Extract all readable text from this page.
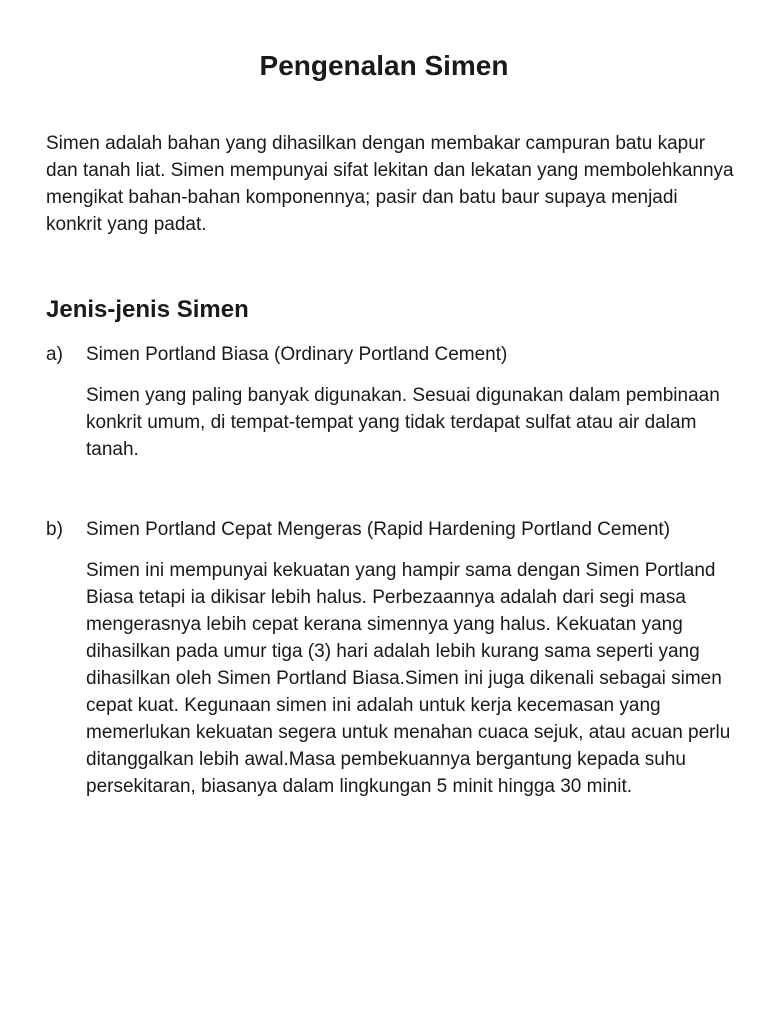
Pengenalan Simen

Simen adalah bahan yang dihasilkan dengan membakar campuran batu kapur dan tanah liat. Simen mempunyai sifat lekitan dan lekatan yang membolehkannya mengikat bahan-bahan komponennya; pasir dan batu baur supaya menjadi konkrit yang padat.

Jenis-jenis Simen
a) Simen Portland Biasa (Ordinary Portland Cement)

Simen yang paling banyak digunakan. Sesuai digunakan dalam pembinaan konkrit umum, di tempat-tempat yang tidak terdapat sulfat atau air dalam tanah.

b) Simen Portland Cepat Mengeras (Rapid Hardening Portland Cement)

Simen ini mempunyai kekuatan yang hampir sama dengan Simen Portland Biasa tetapi ia dikisar lebih halus. Perbezaannya adalah dari segi masa mengerasnya lebih cepat kerana simennya yang halus. Kekuatan yang dihasilkan pada umur tiga (3) hari adalah lebih kurang sama seperti yang dihasilkan oleh Simen Portland Biasa.Simen ini juga dikenali sebagai simen cepat kuat. Kegunaan simen ini adalah untuk kerja kecemasan yang memerlukan kekuatan segera untuk menahan cuaca sejuk, atau acuan perlu ditanggalkan lebih awal.Masa pembekuannya bergantung kepada suhu persekitaran, biasanya dalam lingkungan 5 minit hingga 30 minit.
